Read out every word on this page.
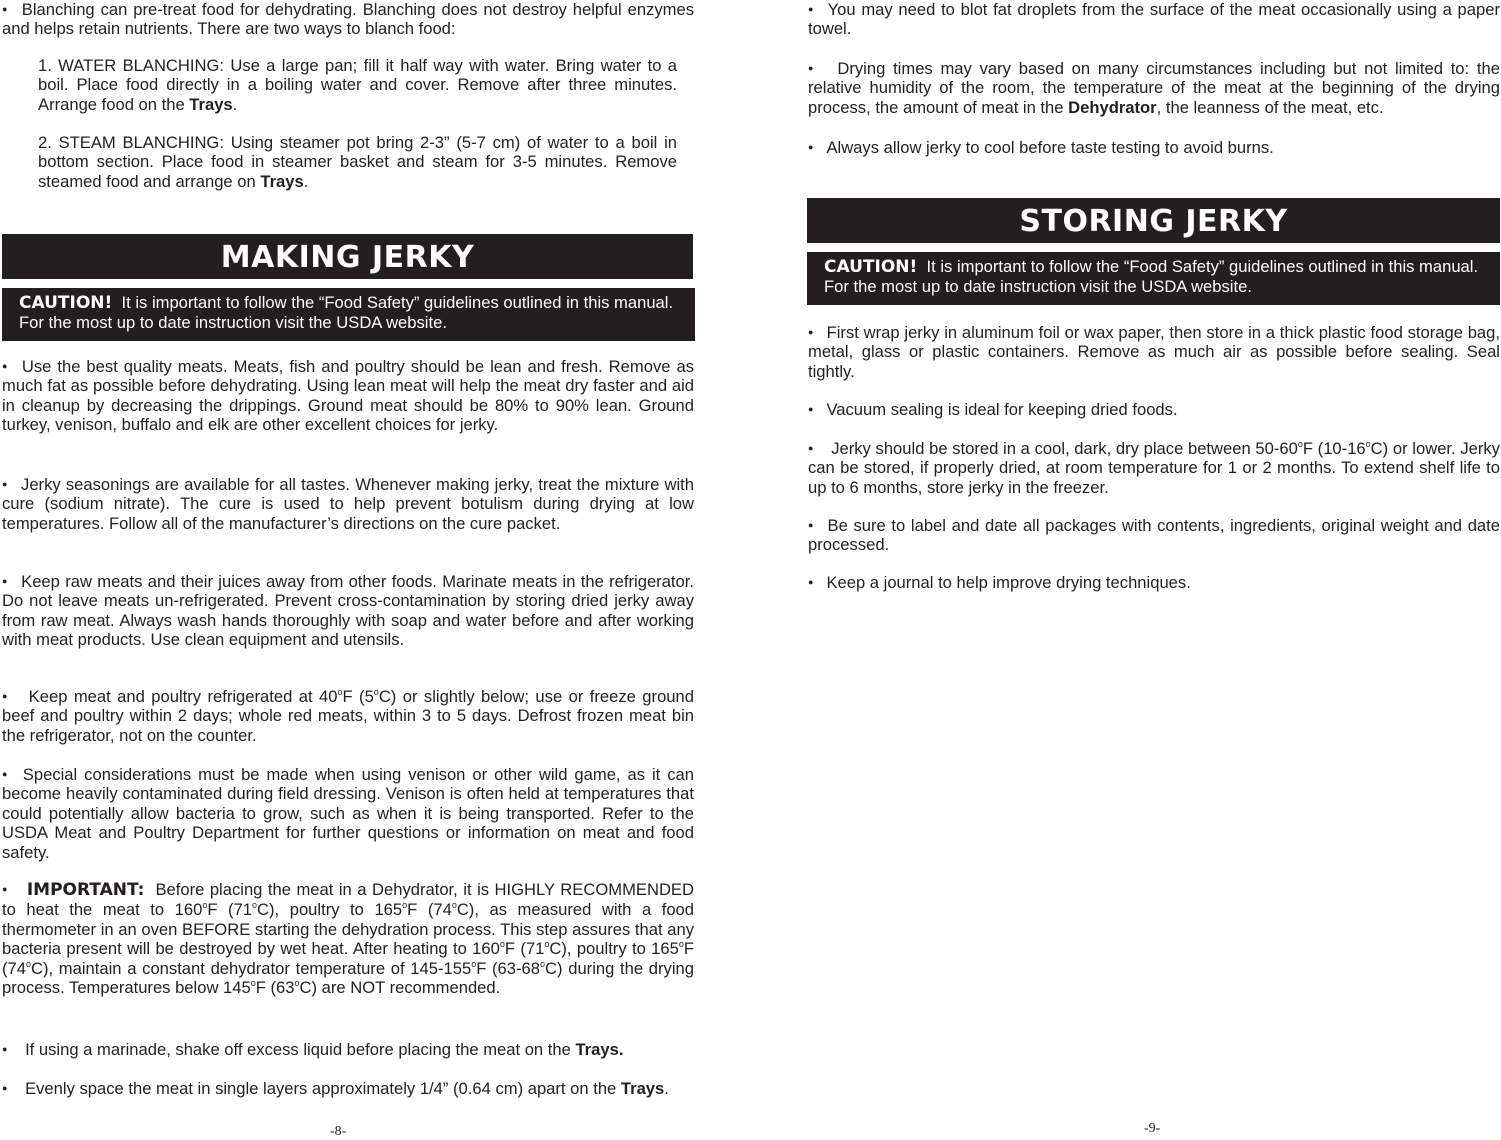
● Blanching can pre-treat food for dehydrating. Blanching does not destroy helpful enzymes and helps retain nutrients. There are two ways to blanch food:

1. WATER BLANCHING: Use a large pan; fill it half way with water. Bring water to a boil. Place food directly in a boiling water and cover. Remove after three minutes. Arrange food on the Trays.

2. STEAM BLANCHING: Using steamer pot bring 2-3” (5-7 cm) of water to a boil in bottom section. Place food in steamer basket and steam for 3-5 minutes. Remove steamed food and arrange on Trays.

MAKING JERKY
CAUTION! It is important to follow the “Food Safety” guidelines outlined in this manual. For the most up to date instruction visit the USDA website.

● Use the best quality meats. Meats, fish and poultry should be lean and fresh. Remove as much fat as possible before dehydrating. Using lean meat will help the meat dry faster and aid in cleanup by decreasing the drippings. Ground meat should be 80% to 90% lean. Ground turkey, venison, buffalo and elk are other excellent choices for jerky.

● Jerky seasonings are available for all tastes. Whenever making jerky, treat the mixture with cure (sodium nitrate). The cure is used to help prevent botulism during drying at low temperatures. Follow all of the manufacturer’s directions on the cure packet.

● Keep raw meats and their juices away from other foods. Marinate meats in the refrigerator. Do not leave meats un-refrigerated. Prevent cross-contamination by storing dried jerky away from raw meat. Always wash hands thoroughly with soap and water before and after working with meat products. Use clean equipment and utensils.

● Keep meat and poultry refrigerated at 40$^o$F (5$^o$C) or slightly below; use or freeze ground beef and poultry within 2 days; whole red meats, within 3 to 5 days. Defrost frozen meat bin the refrigerator, not on the counter.

● Special considerations must be made when using venison or other wild game, as it can become heavily contaminated during field dressing. Venison is often held at temperatures that could potentially allow bacteria to grow, such as when it is being transported. Refer to the USDA Meat and Poultry Department for further questions or information on meat and food safety.

● IMPORTANT: Before placing the meat in a Dehydrator, it is HIGHLY RECOMMENDED to heat the meat to 160$^o$F (71$^o$C), poultry to 165$^o$F (74$^o$C), as measured with a food thermometer in an oven BEFORE starting the dehydration process. This step assures that any bacteria present will be destroyed by wet heat. After heating to 160$^o$F (71$^o$C), poultry to 165$^o$F (74$^o$C), maintain a constant dehydrator temperature of 145-155$^o$F (63-68$^o$C) during the drying process. Temperatures below 145$^o$F (63$^o$C) are NOT recommended.

● If using a marinade, shake off excess liquid before placing the meat on the Trays.

● Evenly space the meat in single layers approximately 1/4” (0.64 cm) apart on the Trays.

-8-

● You may need to blot fat droplets from the surface of the meat occasionally using a paper towel.

● Drying times may vary based on many circumstances including but not limited to: the relative humidity of the room, the temperature of the meat at the beginning of the drying process, the amount of meat in the Dehydrator, the leanness of the meat, etc.

● Always allow jerky to cool before taste testing to avoid burns.

STORING JERKY
CAUTION! It is important to follow the “Food Safety” guidelines outlined in this manual. For the most up to date instruction visit the USDA website.

● First wrap jerky in aluminum foil or wax paper, then store in a thick plastic food storage bag, metal, glass or plastic containers. Remove as much air as possible before sealing. Seal tightly.

● Vacuum sealing is ideal for keeping dried foods.

● Jerky should be stored in a cool, dark, dry place between 50-60$^o$F (10-16$^o$C) or lower. Jerky can be stored, if properly dried, at room temperature for 1 or 2 months. To extend shelf life to up to 6 months, store jerky in the freezer.

● Be sure to label and date all packages with contents, ingredients, original weight and date processed.

● Keep a journal to help improve drying techniques.

-9-
